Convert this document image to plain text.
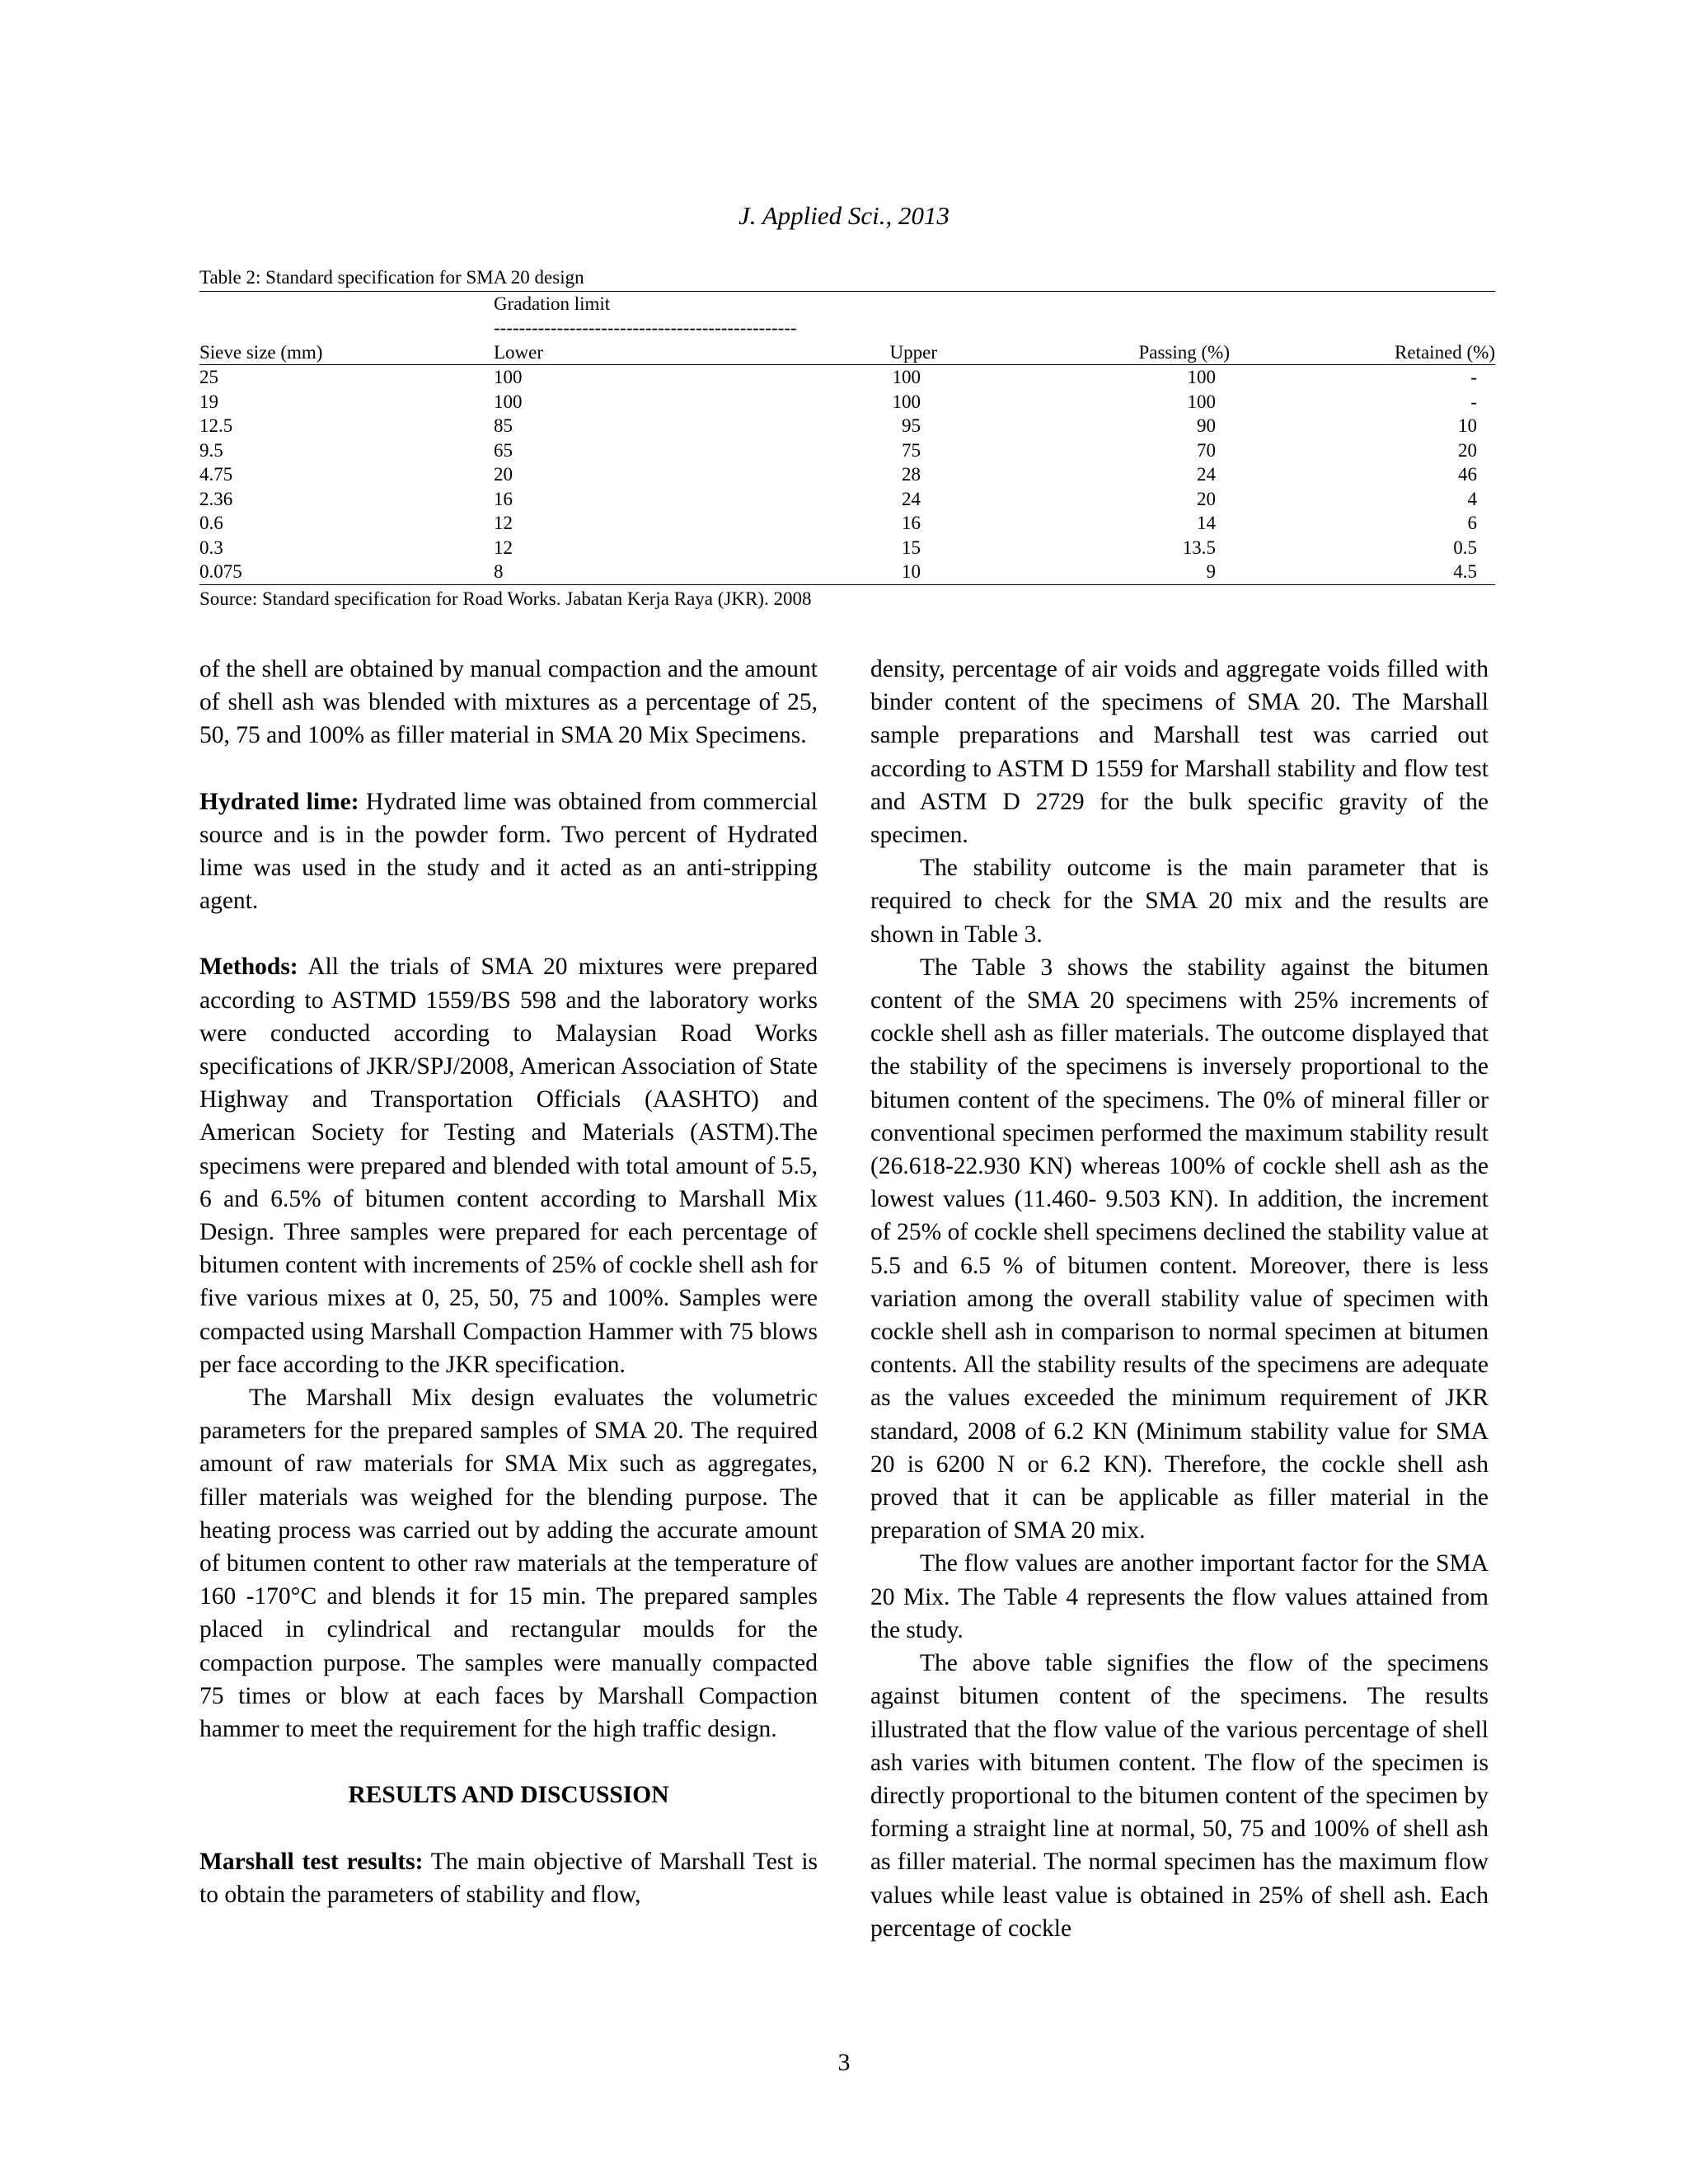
J. Applied Sci., 2013
Table 2: Standard specification for SMA 20 design
	Gradation limit			
	------------------------------------------------			
Sieve size (mm)	Lower	Upper	Passing (%)	Retained (%)
25	100	100	100	-
19	100	100	100	-
12.5	85	95	90	10
9.5	65	75	70	20
4.75	20	28	24	46
2.36	16	24	20	4
0.6	12	16	14	6
0.3	12	15	13.5	0.5
0.075	8	10	9	4.5
Source: Standard specification for Road Works. Jabatan Kerja Raya (JKR). 2008

of the shell are obtained by manual compaction and the amount of shell ash was blended with mixtures as a percentage of 25, 50, 75 and 100% as filler material in SMA 20 Mix Specimens.

Hydrated lime: Hydrated lime was obtained from commercial source and is in the powder form. Two percent of Hydrated lime was used in the study and it acted as an anti-stripping agent.

Methods: All the trials of SMA 20 mixtures were prepared according to ASTMD 1559/BS 598 and the laboratory works were conducted according to Malaysian Road Works specifications of JKR/SPJ/2008, American Association of State Highway and Transportation Officials (AASHTO) and American Society for Testing and Materials (ASTM).The specimens were prepared and blended with total amount of 5.5, 6 and 6.5% of bitumen content according to Marshall Mix Design. Three samples were prepared for each percentage of bitumen content with increments of 25% of cockle shell ash for five various mixes at 0, 25, 50, 75 and 100%. Samples were compacted using Marshall Compaction Hammer with 75 blows per face according to the JKR specification.

The Marshall Mix design evaluates the volumetric parameters for the prepared samples of SMA 20. The required amount of raw materials for SMA Mix such as aggregates, filler materials was weighed for the blending purpose. The heating process was carried out by adding the accurate amount of bitumen content to other raw materials at the temperature of 160 -170°C and blends it for 15 min. The prepared samples placed in cylindrical and rectangular moulds for the compaction purpose. The samples were manually compacted 75 times or blow at each faces by Marshall Compaction hammer to meet the requirement for the high traffic design.

RESULTS AND DISCUSSION

Marshall test results: The main objective of Marshall Test is to obtain the parameters of stability and flow,

density, percentage of air voids and aggregate voids filled with binder content of the specimens of SMA 20. The Marshall sample preparations and Marshall test was carried out according to ASTM D 1559 for Marshall stability and flow test and ASTM D 2729 for the bulk specific gravity of the specimen.

The stability outcome is the main parameter that is required to check for the SMA 20 mix and the results are shown in Table 3.

The Table 3 shows the stability against the bitumen content of the SMA 20 specimens with 25% increments of cockle shell ash as filler materials. The outcome displayed that the stability of the specimens is inversely proportional to the bitumen content of the specimens. The 0% of mineral filler or conventional specimen performed the maximum stability result (26.618-22.930 KN) whereas 100% of cockle shell ash as the lowest values (11.460- 9.503 KN). In addition, the increment of 25% of cockle shell specimens declined the stability value at 5.5 and 6.5 % of bitumen content. Moreover, there is less variation among the overall stability value of specimen with cockle shell ash in comparison to normal specimen at bitumen contents. All the stability results of the specimens are adequate as the values exceeded the minimum requirement of JKR standard, 2008 of 6.2 KN (Minimum stability value for SMA 20 is 6200 N or 6.2 KN). Therefore, the cockle shell ash proved that it can be applicable as filler material in the preparation of SMA 20 mix.

The flow values are another important factor for the SMA 20 Mix. The Table 4 represents the flow values attained from the study.

The above table signifies the flow of the specimens against bitumen content of the specimens. The results illustrated that the flow value of the various percentage of shell ash varies with bitumen content. The flow of the specimen is directly proportional to the bitumen content of the specimen by forming a straight line at normal, 50, 75 and 100% of shell ash as filler material. The normal specimen has the maximum flow values while least value is obtained in 25% of shell ash. Each percentage of cockle

3
